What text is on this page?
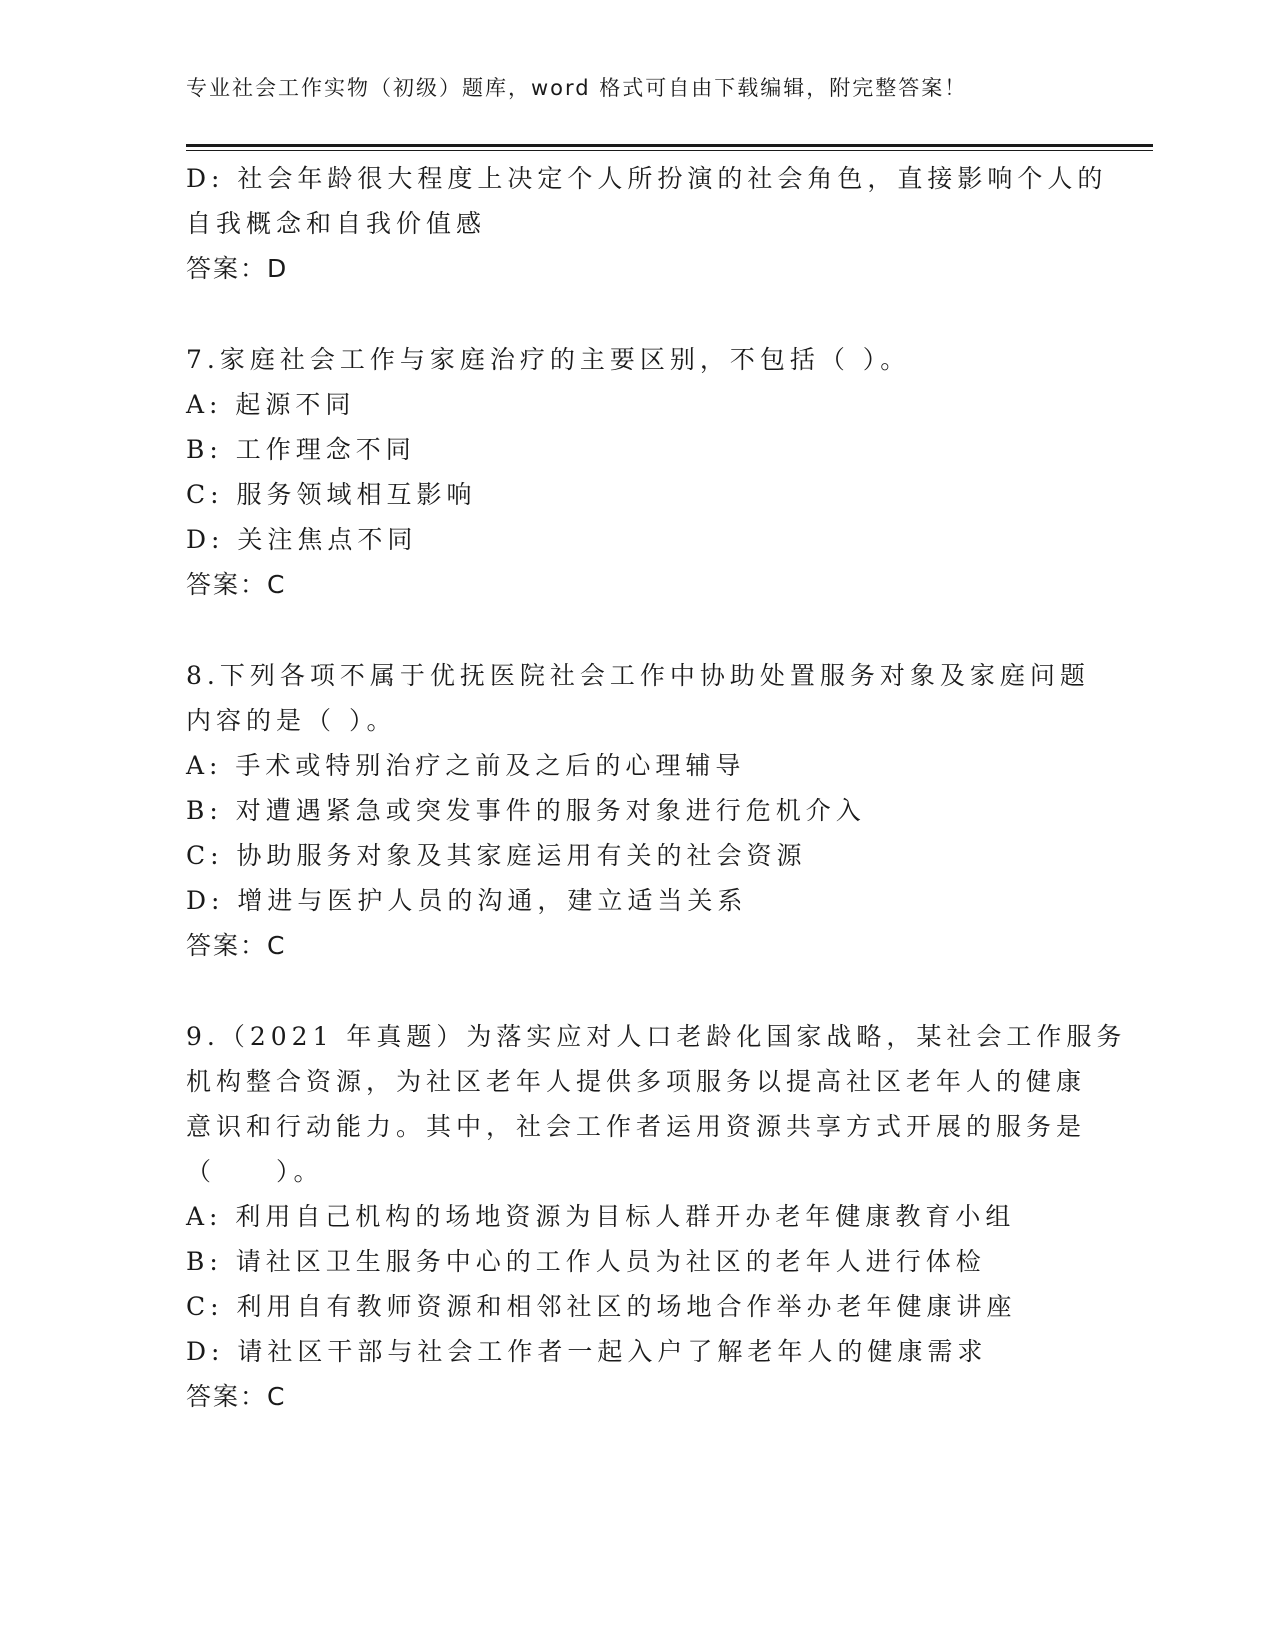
专业社会工作实物（初级）题库，word 格式可自由下载编辑，附完整答案！
D: 社会年龄很大程度上决定个人所扮演的社会角色，直接影响个人的
自我概念和自我价值感
答案：D
7.家庭社会工作与家庭治疗的主要区别，不包括（ ）。
A: 起源不同
B: 工作理念不同
C: 服务领域相互影响
D: 关注焦点不同
答案：C
8.下列各项不属于优抚医院社会工作中协助处置服务对象及家庭问题
内容的是（ ）。
A: 手术或特别治疗之前及之后的心理辅导
B: 对遭遇紧急或突发事件的服务对象进行危机介入
C: 协助服务对象及其家庭运用有关的社会资源
D: 增进与医护人员的沟通，建立适当关系
答案：C
9.（2021 年真题）为落实应对人口老龄化国家战略，某社会工作服务
机构整合资源，为社区老年人提供多项服务以提高社区老年人的健康
意识和行动能力。其中，社会工作者运用资源共享方式开展的服务是
（　　）。
A: 利用自己机构的场地资源为目标人群开办老年健康教育小组
B: 请社区卫生服务中心的工作人员为社区的老年人进行体检
C: 利用自有教师资源和相邻社区的场地合作举办老年健康讲座
D: 请社区干部与社会工作者一起入户了解老年人的健康需求
答案：C
